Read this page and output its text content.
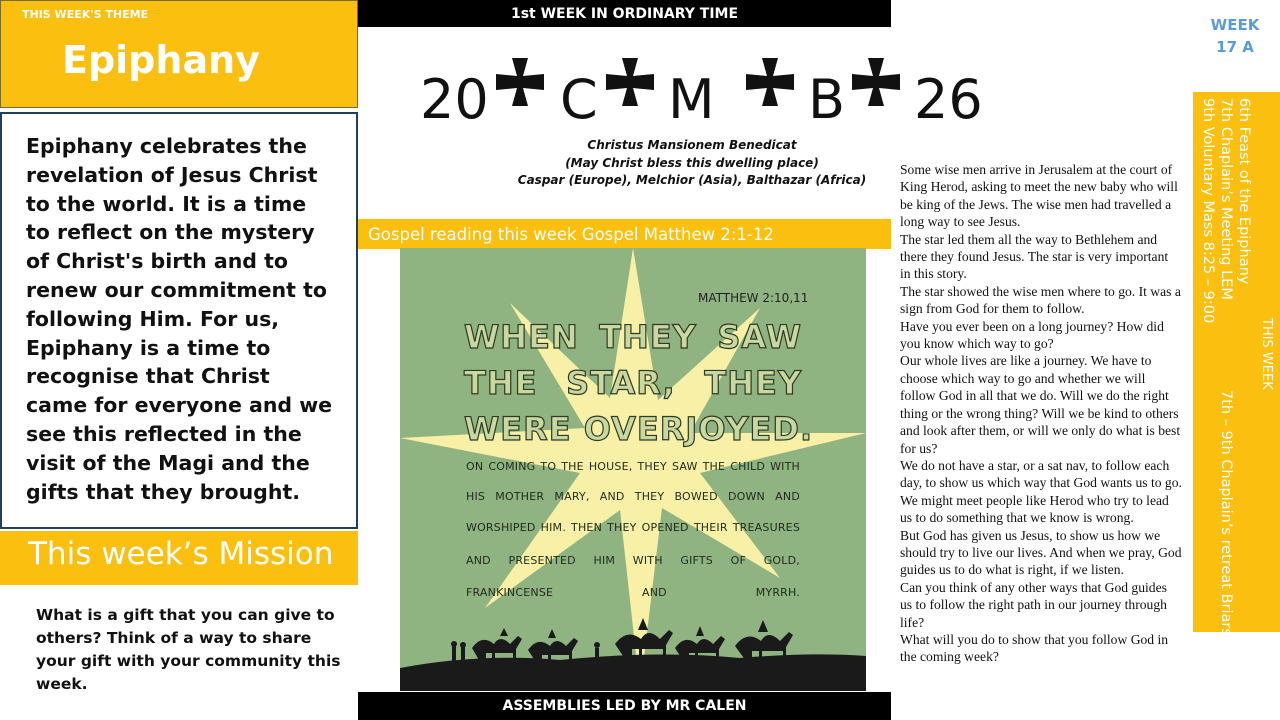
THIS WEEK'S THEME
Epiphany
Epiphany celebrates the revelation of Jesus Christ to the world. It is a time to reflect on the mystery of Christ's birth and to renew our commitment to following Him. For us, Epiphany is a time to recognise that Christ came for everyone and we see this reflected in the visit of the Magi and the gifts that they brought.
This week’s Mission
What is a gift that you can give to others? Think of a way to share your gift with your community this week.
1st WEEK IN ORDINARY TIME
20 C M B 26
Christus Mansionem Benedicat
(May Christ bless this dwelling place)
Caspar (Europe), Melchior (Asia), Balthazar (Africa)
Gospel reading this week Gospel Matthew 2:1-12
MATTHEW 2:10,11
WHEN THEY SAW
THE STAR, THEY
WERE OVERJOYED.
ON COMING TO THE HOUSE, THEY SAW THE CHILD WITH
HIS MOTHER MARY, AND THEY BOWED DOWN AND
WORSHIPED HIM. THEN THEY OPENED THEIR TREASURES
AND PRESENTED HIM WITH GIFTS OF GOLD,
FRANKINCENSE AND MYRRH.
ASSEMBLIES LED BY MR CALEN
Some wise men arrive in Jerusalem at the court of King Herod, asking to meet the new baby who will be king of the Jews. The wise men had travelled a long way to see Jesus.
The star led them all the way to Bethlehem and there they found Jesus. The star is very important in this story.
The star showed the wise men where to go. It was a sign from God for them to follow.
Have you ever been on a long journey? How did you know which way to go?
Our whole lives are like a journey. We have to choose which way to go and whether we will follow God in all that we do. Will we do the right thing or the wrong thing? Will we be kind to others and look after them, or will we only do what is best for us?
We do not have a star, or a sat nav, to follow each day, to show us which way that God wants us to go. We might meet people like Herod who try to lead us to do something that we know is wrong.
But God has given us Jesus, to show us how we should try to live our lives. And when we pray, God guides us to do what is right, if we listen.
Can you think of any other ways that God guides us to follow the right path in our journey through life?
What will you do to show that you follow God in the coming week?
WEEK
17 A
6th Feast of the Epiphany
7th Chaplain’s Meeting LEM
9th Voluntary Mass 8:25 – 9:00
THIS WEEK
7th – 9th Chaplain’s retreat Briars
